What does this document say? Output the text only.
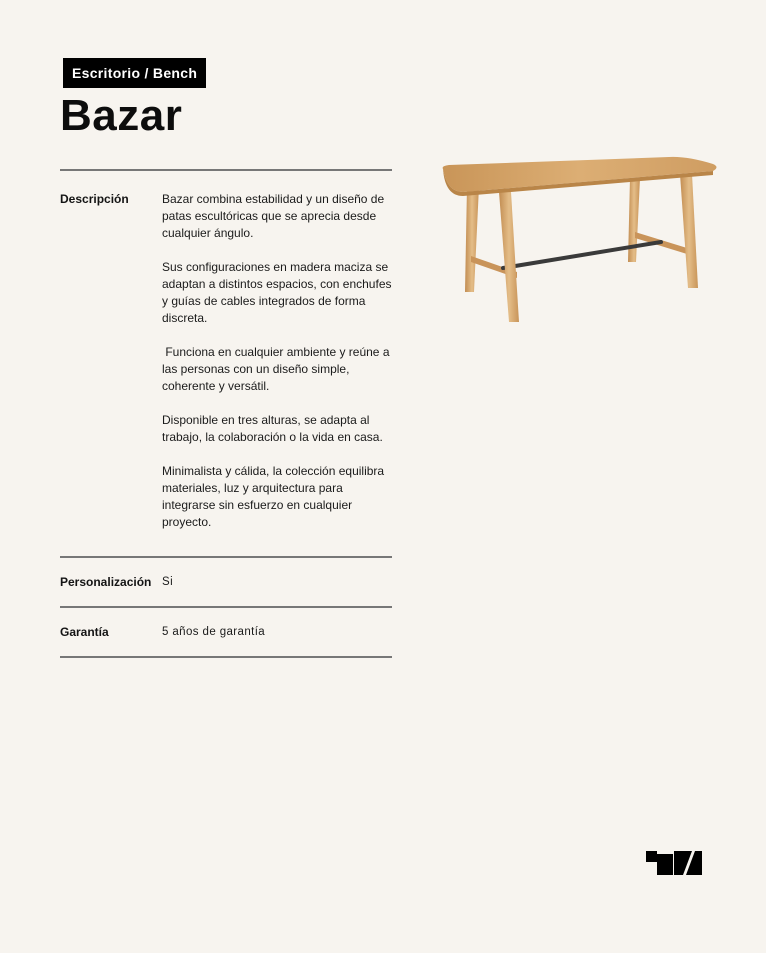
Escritorio / Bench
Bazar
Descripción	Bazar combina estabilidad y un diseño de patas escultóricas que se aprecia desde cualquier ángulo.

Sus configuraciones en madera maciza se adaptan a distintos espacios, con enchufes y guías de cables integrados de forma discreta.

Funciona en cualquier ambiente y reúne a las personas con un diseño simple, coherente y versátil.

Disponible en tres alturas, se adapta al trabajo, la colaboración o la vida en casa.

Minimalista y cálida, la colección equilibra materiales, luz y arquitectura para integrarse sin esfuerzo en cualquier proyecto.

Personalización Si
Garantía	5 años de garantía
